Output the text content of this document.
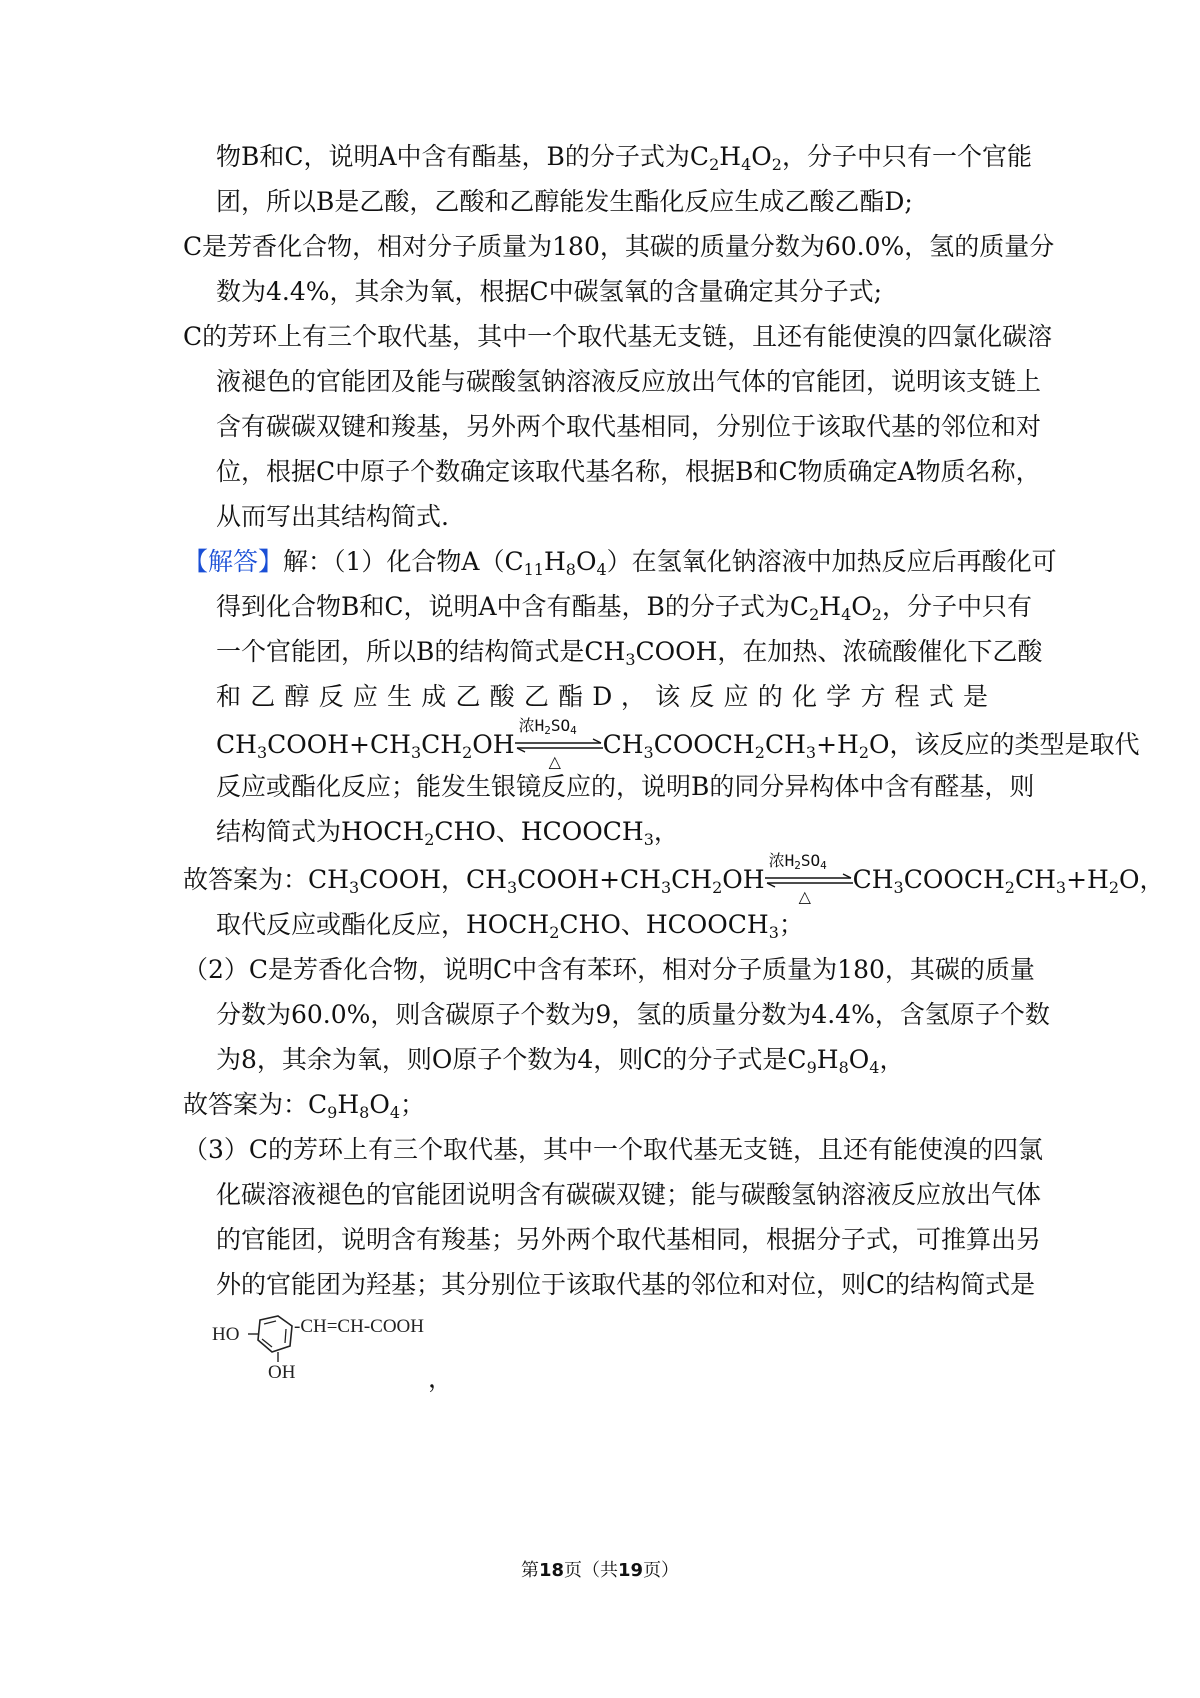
物B和C，说明A中含有酯基，B的分子式为$C_2H_4O_2$，分子中只有一个官能
团，所以B是乙酸，乙酸和乙醇能发生酯化反应生成乙酸乙酯D;
C是芳香化合物，相对分子质量为180，其碳的质量分数为60.0%，氢的质量分
数为4.4%，其余为氧，根据C中碳氢氧的含量确定其分子式;
C的芳环上有三个取代基，其中一个取代基无支链，且还有能使溴的四氯化碳溶
液褪色的官能团及能与碳酸氢钠溶液反应放出气体的官能团，说明该支链上
含有碳碳双键和羧基，另外两个取代基相同，分别位于该取代基的邻位和对
位，根据C中原子个数确定该取代基名称，根据B和C物质确定A物质名称，
从而写出其结构简式.
【解答】解：（1）化合物$A(C_{11}H_8O_4)$在氢氧化钠溶液中加热反应后再酸化可
得到化合物B和C，说明A中含有酯基，B的分子式为$C_2H_4O_2$，分子中只有
一个官能团，所以B的结构简式是$CH_3COOH$，在加热、浓硫酸催化下乙酸
和 乙 醇 反 应 生 成 乙 酸 乙 酯 D ， 该 反 应 的 化 学 方 程 式 是
$CH_3COOH+CH_3CH_2OH$
浓$H_2SO_4$
△
$CH_3COOCH_2CH_3+H_2O$，该反应的类型是取代
反应或酯化反应；能发生银镜反应的，说明B的同分异构体中含有醛基，则
结构简式为$HOCH_2CHO$、$HCOOCH_3$，
故答案为：$CH_3COOH$，$CH_3COOH+CH_3CH_2OH$
浓$H_2SO_4$
△
$CH_3COOCH_2CH_3+H_2O$，
取代反应或酯化反应，$HOCH_2CHO$、$HCOOCH_3$；
（2）C是芳香化合物，说明C中含有苯环，相对分子质量为180，其碳的质量
分数为60.0%，则含碳原子个数为9，氢的质量分数为4.4%，含氢原子个数
为8，其余为氧，则O原子个数为4，则C的分子式是$C_9H_8O_4$，
故答案为：$C_9H_8O_4$；
（3）C的芳环上有三个取代基，其中一个取代基无支链，且还有能使溴的四氯
化碳溶液褪色的官能团说明含有碳碳双键；能与碳酸氢钠溶液反应放出气体
的官能团，说明含有羧基；另外两个取代基相同，根据分子式，可推算出另
外的官能团为羟基；其分别位于该取代基的邻位和对位，则C的结构简式是
HO	-CH=CH-COOH
OH	，
第18页（共19页）
